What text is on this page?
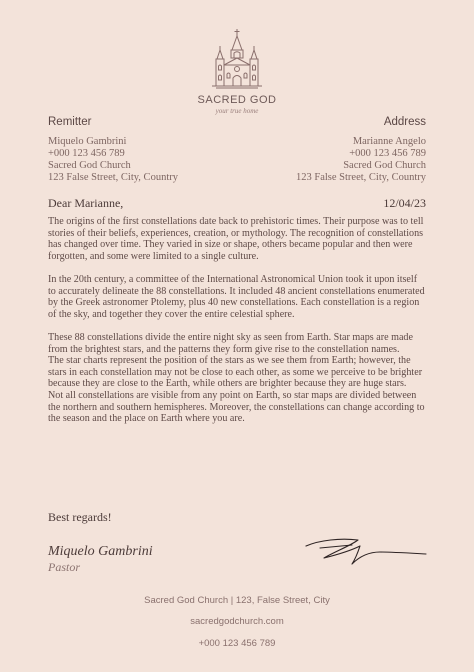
SACRED GOD
your true home
Remitter
Miquelo Gambrini
+000 123 456 789
Sacred God Church
123 False Street, City, Country
Address
Marianne Angelo
+000 123 456 789
Sacred God Church
123 False Street, City, Country
Dear Marianne,	12/04/23

The origins of the first constellations date back to prehistoric times. Their purpose was to tell stories of their beliefs, experiences, creation, or mythology. The recognition of constellations has changed over time. They varied in size or shape, others became popular and then were forgotten, and some were limited to a single culture.

In the 20th century, a committee of the International Astronomical Union took it upon itself to accurately delineate the 88 constellations. It included 48 ancient constellations enumerated by the Greek astronomer Ptolemy, plus 40 new constellations. Each constellation is a region of the sky, and together they cover the entire celestial sphere.

These 88 constellations divide the entire night sky as seen from Earth. Star maps are made from the brightest stars, and the patterns they form give rise to the constellation names.

The star charts represent the position of the stars as we see them from Earth; however, the stars in each constellation may not be close to each other, as some we perceive to be brighter because they are close to the Earth, while others are brighter because they are huge stars.

Not all constellations are visible from any point on Earth, so star maps are divided between the northern and southern hemispheres. Moreover, the constellations can change according to the season and the place on Earth where you are.

Best regards!
Miquelo Gambrini
Pastor
Sacred God Church | 123, False Street, City
sacredgodchurch.com
+000 123 456 789
